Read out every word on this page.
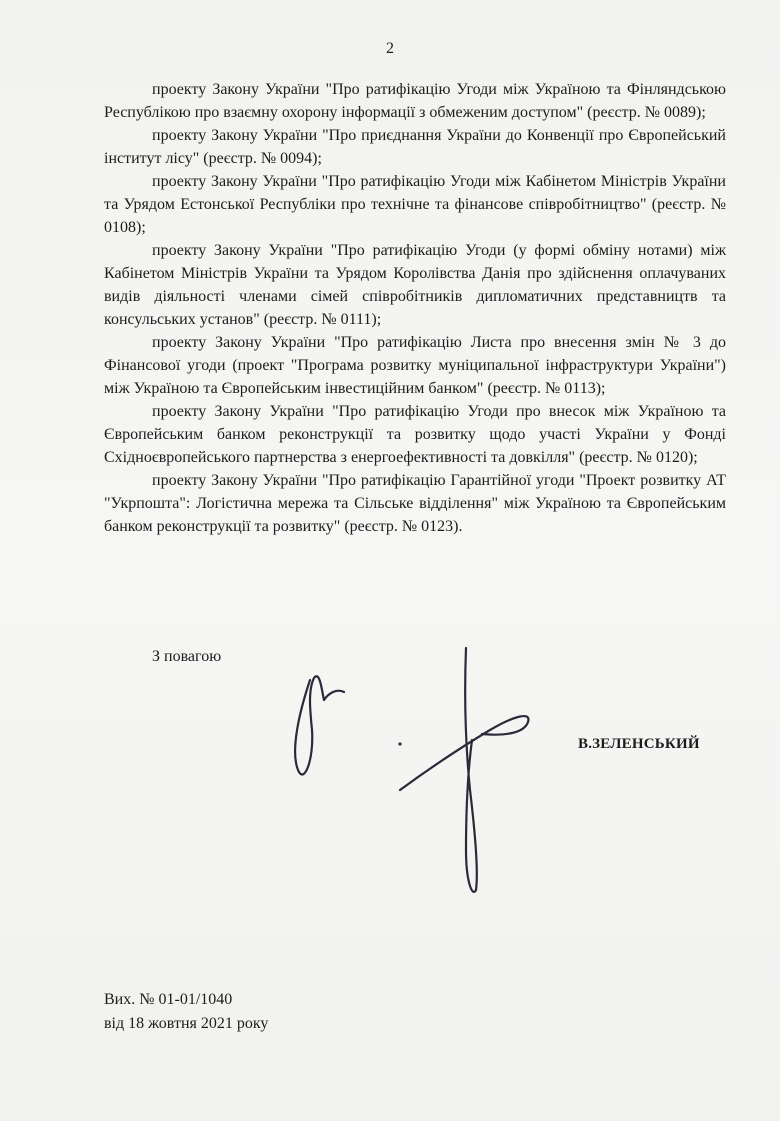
2

проекту Закону України "Про ратифікацію Угоди між Україною та Фінляндською Республікою про взаємну охорону інформації з обмеженим доступом" (реєстр. № 0089);

проекту Закону України "Про приєднання України до Конвенції про Європейський інститут лісу" (реєстр. № 0094);

проекту Закону України "Про ратифікацію Угоди між Кабінетом Міністрів України та Урядом Естонської Республіки про технічне та фінансове співробітництво" (реєстр. № 0108);

проекту Закону України "Про ратифікацію Угоди (у формі обміну нотами) між Кабінетом Міністрів України та Урядом Королівства Данія про здійснення оплачуваних видів діяльності членами сімей співробітників дипломатичних представництв та консульських установ" (реєстр. № 0111);

проекту Закону України "Про ратифікацію Листа про внесення змін № 3 до Фінансової угоди (проект "Програма розвитку муніципальної інфраструктури України") між Україною та Європейським інвестиційним банком" (реєстр. № 0113);

проекту Закону України "Про ратифікацію Угоди про внесок між Україною та Європейським банком реконструкції та розвитку щодо участі України у Фонді Східноєвропейського партнерства з енергоефективності та довкілля" (реєстр. № 0120);

проекту Закону України "Про ратифікацію Гарантійної угоди "Проект розвитку АТ "Укрпошта": Логістична мережа та Сільське відділення" між Україною та Європейським банком реконструкції та розвитку" (реєстр. № 0123).

З повагою
В.ЗЕЛЕНСЬКИЙ
Вих. № 01-01/1040
від 18 жовтня 2021 року
